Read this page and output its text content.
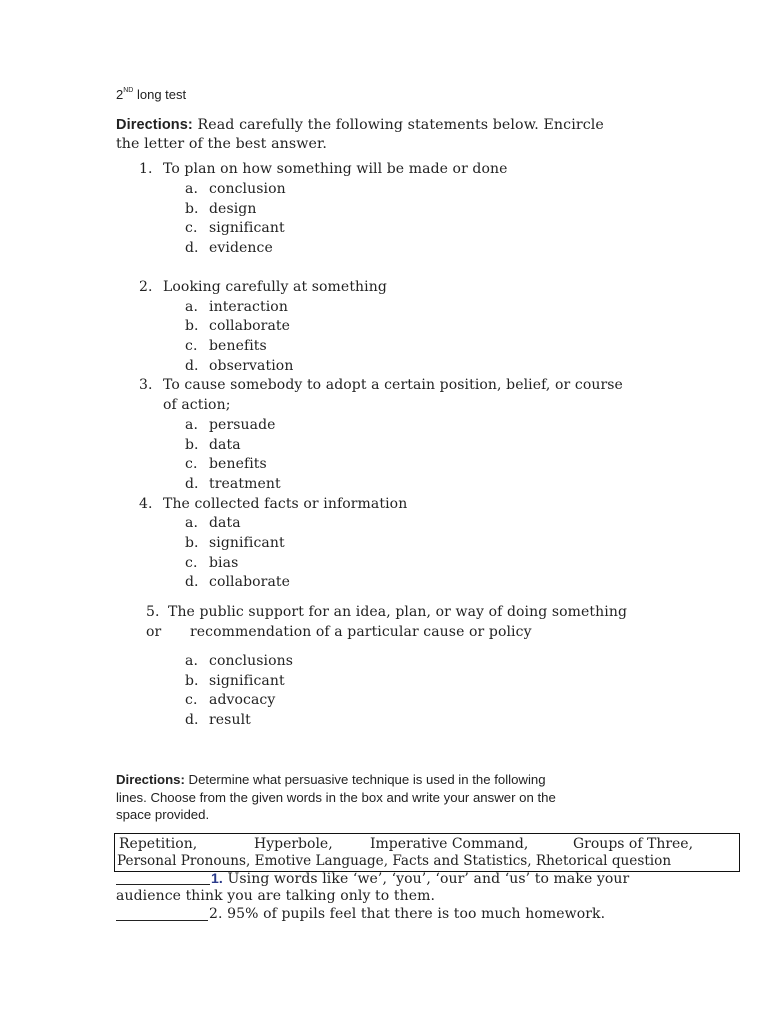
2ND long test
Directions: Read carefully the following statements below. Encircle
the letter of the best answer.
1. To plan on how something will be made or done
a. conclusion
b. design
c. significant
d. evidence
2. Looking carefully at something
a. interaction
b. collaborate
c. benefits
d. observation
3. To cause somebody to adopt a certain position, belief, or course
of action;
a. persuade
b. data
c. benefits
d. treatment
4. The collected facts or information
a. data
b. significant
c. bias
d. collaborate
5. The public support for an idea, plan, or way of doing something
or recommendation of a particular cause or policy
a. conclusions
b. significant
c. advocacy
d. result
Directions: Determine what persuasive technique is used in the following
lines. Choose from the given words in the box and write your answer on the
space provided.
Repetition,	Hyperbole,	Imperative Command,	Groups of Three,
Personal Pronouns, Emotive Language, Facts and Statistics, Rhetorical question
1. Using words like ‘we’, ‘you’, ‘our’ and ‘us’ to make your
audience think you are talking only to them.
2. 95% of pupils feel that there is too much homework.
